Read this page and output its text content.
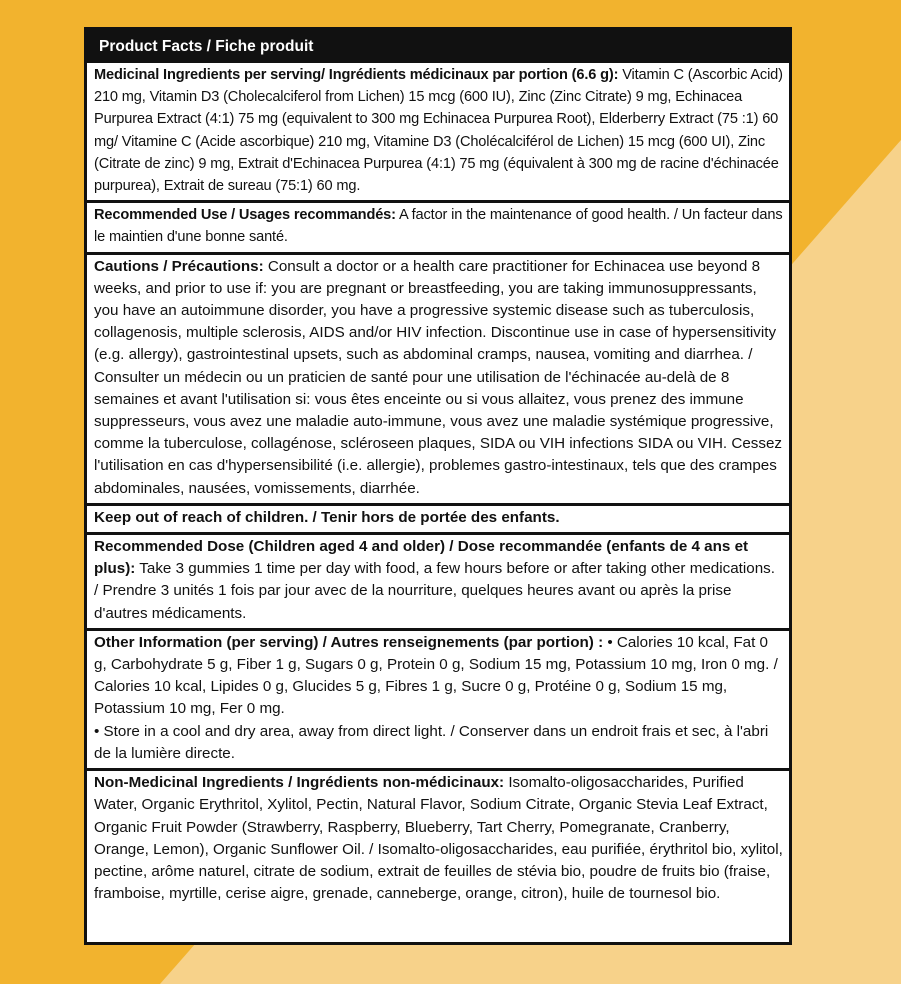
Product Facts / Fiche produit
Medicinal Ingredients per serving/ Ingrédients médicinaux par portion (6.6 g): Vitamin C (Ascorbic Acid) 210 mg, Vitamin D3 (Cholecalciferol from Lichen) 15 mcg (600 IU), Zinc (Zinc Citrate) 9 mg, Echinacea Purpurea Extract (4:1) 75 mg (equivalent to 300 mg Echinacea Purpurea Root), Elderberry Extract (75 :1) 60 mg/ Vitamine C (Acide ascorbique) 210 mg, Vitamine D3 (Cholécalciférol de Lichen) 15 mcg (600 UI), Zinc (Citrate de zinc) 9 mg, Extrait d'Echinacea Purpurea (4:1) 75 mg (équivalent à 300 mg de racine d'échinacée purpurea), Extrait de sureau (75:1) 60 mg.
Recommended Use / Usages recommandés: A factor in the maintenance of good health. / Un facteur dans le maintien d'une bonne santé.
Cautions / Précautions: Consult a doctor or a health care practitioner for Echinacea use beyond 8 weeks, and prior to use if: you are pregnant or breastfeeding, you are taking immunosuppressants, you have an autoimmune disorder, you have a progressive systemic disease such as tuberculosis, collagenosis, multiple sclerosis, AIDS and/or HIV infection. Discontinue use in case of hypersensitivity (e.g. allergy), gastrointestinal upsets, such as abdominal cramps, nausea, vomiting and diarrhea. / Consulter un médecin ou un praticien de santé pour une utilisation de l'échinacée au-delà de 8 semaines et avant l'utilisation si: vous êtes enceinte ou si vous allaitez, vous prenez des immune suppresseurs, vous avez une maladie auto-immune, vous avez une maladie systémique progressive, comme la tuberculose, collagénose, scléroseen plaques, SIDA ou VIH infections SIDA ou VIH. Cessez l'utilisation en cas d'hypersensibilité (i.e. allergie), problemes gastro-intestinaux, tels que des crampes abdominales, nausées, vomissements, diarrhée.
Keep out of reach of children. / Tenir hors de portée des enfants.
Recommended Dose (Children aged 4 and older) / Dose recommandée (enfants de 4 ans et plus): Take 3 gummies 1 time per day with food, a few hours before or after taking other medications. / Prendre 3 unités 1 fois par jour avec de la nourriture, quelques heures avant ou après la prise d'autres médicaments.
Other Information (per serving) / Autres renseignements (par portion) : • Calories 10 kcal, Fat 0 g, Carbohydrate 5 g, Fiber 1 g, Sugars 0 g, Protein 0 g, Sodium 15 mg, Potassium 10 mg, Iron 0 mg. / Calories 10 kcal, Lipides 0 g, Glucides 5 g, Fibres 1 g, Sucre 0 g, Protéine 0 g, Sodium 15 mg, Potassium 10 mg, Fer 0 mg.
• Store in a cool and dry area, away from direct light. / Conserver dans un endroit frais et sec, à l'abri de la lumière directe.
Non-Medicinal Ingredients / Ingrédients non-médicinaux: Isomalto-oligosaccharides, Purified Water, Organic Erythritol, Xylitol, Pectin, Natural Flavor, Sodium Citrate, Organic Stevia Leaf Extract, Organic Fruit Powder (Strawberry, Raspberry, Blueberry, Tart Cherry, Pomegranate, Cranberry, Orange, Lemon), Organic Sunflower Oil. / Isomalto-oligosaccharides, eau purifiée, érythritol bio, xylitol, pectine, arôme naturel, citrate de sodium, extrait de feuilles de stévia bio, poudre de fruits bio (fraise, framboise, myrtille, cerise aigre, grenade, canneberge, orange, citron), huile de tournesol bio.
